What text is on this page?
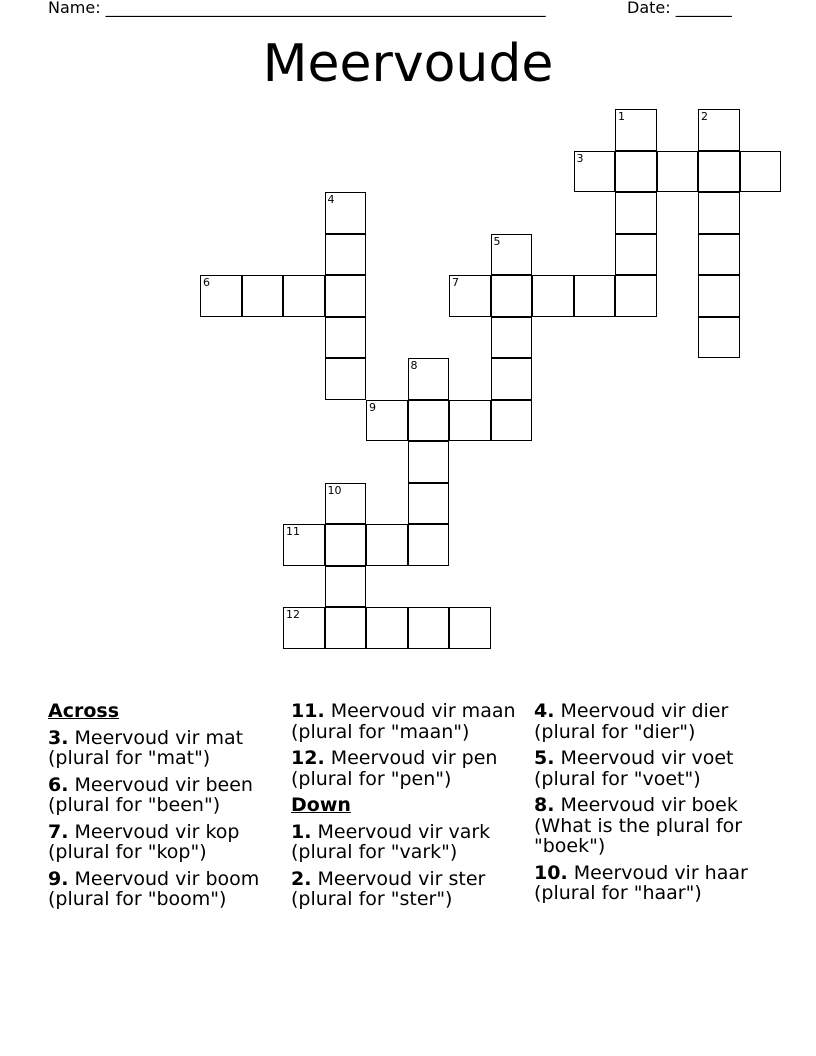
Name: _______________________________________________________	Date: _______
Meervoude
1	2
3
4
5
6	7
8
9
10
11
12
Across
3. Meervoud vir mat (plural for "mat")
6. Meervoud vir been (plural for "been")
7. Meervoud vir kop (plural for "kop")
9. Meervoud vir boom (plural for "boom")
11. Meervoud vir maan (plural for "maan")
12. Meervoud vir pen (plural for "pen")
Down
1. Meervoud vir vark (plural for "vark")
2. Meervoud vir ster (plural for "ster")
4. Meervoud vir dier (plural for "dier")
5. Meervoud vir voet (plural for "voet")
8. Meervoud vir boek (What is the plural for "boek")
10. Meervoud vir haar (plural for "haar")
